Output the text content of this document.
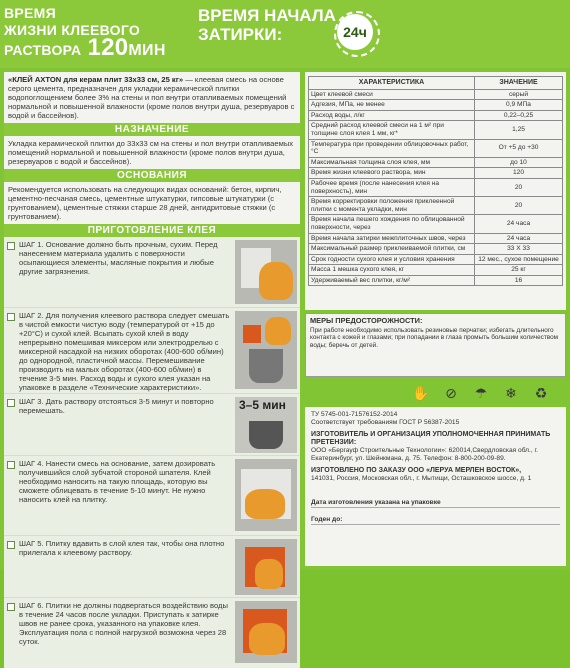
ВРЕМЯ
ЖИЗНИ КЛЕЕВОГО
РАСТВОРА 120МИН
ВРЕМЯ НАЧАЛА
ЗАТИРКИ:	24ч
«КЛЕЙ AXTON для керам плит 33х33 см, 25 кг» — клеевая смесь на основе серого цемента, предназначен для укладки керамической плитки водопоглощением более 3% на стены и пол внутри отапливаемых помещений нормальной и повышенной влажности (кроме полов внутри душа, резервуаров с водой и бассейнов).
НАЗНАЧЕНИЕ
Укладка керамической плитки до 33х33 см на стены и пол внутри отапливаемых помещений нормальной и повышенной влажности (кроме полов внутри душа, резервуаров с водой и бассейнов).
ОСНОВАНИЯ
Рекомендуется использовать на следующих видах оснований: бетон, кирпич, цементно-песчаная смесь, цементные штукатурки, гипсовые штукатурки (с грунтованием), цементные стяжки старше 28 дней, ангидритовые стяжки (с грунтованием).
ПРИГОТОВЛЕНИЕ КЛЕЯ
ШАГ 1. Основание должно быть прочным, сухим. Перед нанесением материала удалить с поверхности осыпающиеся элементы, масляные покрытия и любые другие загрязнения.
ШАГ 2. Для получения клеевого раствора следует смешать в чистой емкости чистую воду (температурой от +15 до +20°С) и сухой клей. Всыпать сухой клей в воду непрерывно помешивая миксером или электродрелью с миксерной насадкой на низких оборотах (400-600 об/мин) до однородной, пластичной массы. Перемешивание производить на малых оборотах (400-600 об/мин) в течение 3-5 мин. Расход воды и сухого клея указан на упаковке в разделе «Технические характеристики».
ШАГ 3. Дать раствору отстояться 3-5 минут и повторно перемешать.	3–5 мин
ШАГ 4. Нанести смесь на основание, затем дозировать получившийся слой зубчатой стороной шпателя. Клей необходимо наносить на такую площадь, которую вы сможете облицевать в течение 5-10 минут. Не нужно наносить клей на плитку.
ШАГ 5. Плитку вдавить в слой клея так, чтобы она плотно прилегала к клеевому раствору.
ШАГ 6. Плитки не должны подвергаться воздействию воды в течение 24 часов после укладки. Приступать к затирке швов не ранее срока, указанного на упаковке клея. Эксплуатация пола с полной нагрузкой возможна через 28 суток.
ХАРАКТЕРИСТИКА	ЗНАЧЕНИЕ
Цвет клеевой смеси	серый
Адгезия, МПа, не менее	0,9 МПа
Расход воды, л/кг	0,22–0,25
Средний расход клеевой смеси на 1 м² при толщине слоя клея 1 мм, кг*	1,25
Температура при проведении облицовочных работ, °С	От +5 до +30
Максимальная толщина слоя клея, мм	до 10
Время жизни клеевого раствора, мин	120
Рабочее время (после нанесения клея на поверхность), мин	20
Время корректировки положения приклеенной плитки с момента укладки, мин	20
Время начала пешего хождения по облицованной поверхности, через	24 часа
Время начала затирки межплиточных швов, через	24 часа
Максимальный размер приклеиваемой плитки, см	33 Х 33
Срок годности сухого клея и условия хранения	12 мес., сухое помещение
Масса 1 мешка сухого клея, кг	25 кг
Удерживаемый вес плитки, кг/м²	16
МЕРЫ ПРЕДОСТОРОЖНОСТИ:
При работе необходимо использовать резиновые перчатки; избегать длительного контакта с кожей и глазами; при попадании в глаза промыть большим количеством воды; беречь от детей.
✋ ⊘ ☂ ❄ ♻
ТУ 5745-001-71576152-2014
Соответствует требованиям ГОСТ Р 56387-2015
ИЗГОТОВИТЕЛЬ И ОРГАНИЗАЦИЯ УПОЛНОМОЧЕННАЯ ПРИНИМАТЬ ПРЕТЕНЗИИ:
ООО «Бергауф Строительные Технологии»: 620014,Свердловская обл., г. Екатеринбург, ул. Шейнкмана, д. 75. Телефон: 8-800-200-09-89.
ИЗГОТОВЛЕНО ПО ЗАКАЗУ ООО «ЛЕРУА МЕРЛЕН ВОСТОК»,
141031, Россия, Московская обл., г. Мытищи, Осташковское шоссе, д. 1
Дата изготовления указана на упаковке
Годен до:
